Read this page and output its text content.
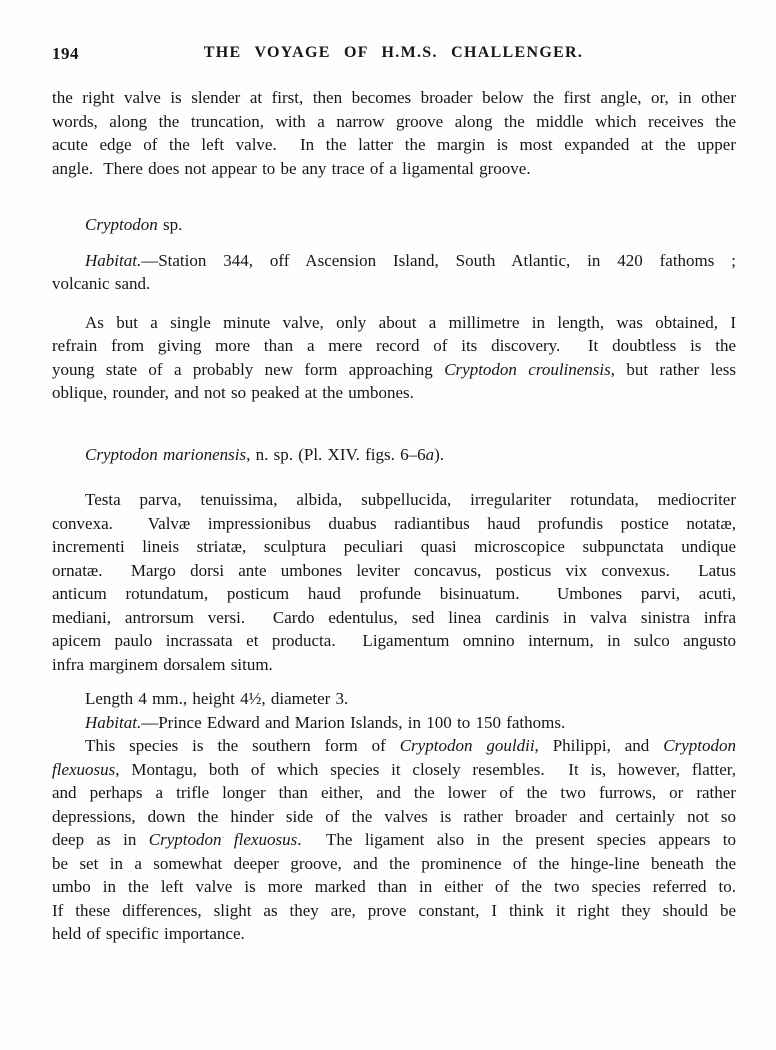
194	THE VOYAGE OF H.M.S. CHALLENGER.
the right valve is slender at first, then becomes broader below the first angle, or, in other
words, along the truncation, with a narrow groove along the middle which receives the
acute edge of the left valve.  In the latter the margin is most expanded at the upper
angle.  There does not appear to be any trace of a ligamental groove.
Cryptodon sp.
Habitat.—Station 344, off Ascension Island, South Atlantic, in 420 fathoms ;
volcanic sand.
As but a single minute valve, only about a millimetre in length, was obtained, I
refrain from giving more than a mere record of its discovery.  It doubtless is the
young state of a probably new form approaching Cryptodon croulinensis, but rather less
oblique, rounder, and not so peaked at the umbones.
Cryptodon marionensis, n. sp. (Pl. XIV. figs. 6–6a).
Testa parva, tenuissima, albida, subpellucida, irregulariter rotundata, mediocriter
convexa.  Valvæ impressionibus duabus radiantibus haud profundis postice notatæ,
incrementi lineis striatæ, sculptura peculiari quasi microscopice subpunctata undique
ornatæ.  Margo dorsi ante umbones leviter concavus, posticus vix convexus.  Latus
anticum rotundatum, posticum haud profunde bisinuatum.  Umbones parvi, acuti,
mediani, antrorsum versi.  Cardo edentulus, sed linea cardinis in valva sinistra infra
apicem paulo incrassata et producta.  Ligamentum omnino internum, in sulco angusto
infra marginem dorsalem situm.
Length 4 mm., height 4½, diameter 3.
Habitat.—Prince Edward and Marion Islands, in 100 to 150 fathoms.
This species is the southern form of Cryptodon gouldii, Philippi, and Cryptodon
flexuosus, Montagu, both of which species it closely resembles.  It is, however, flatter,
and perhaps a trifle longer than either, and the lower of the two furrows, or rather
depressions, down the hinder side of the valves is rather broader and certainly not so
deep as in Cryptodon flexuosus.  The ligament also in the present species appears to
be set in a somewhat deeper groove, and the prominence of the hinge-line beneath the
umbo in the left valve is more marked than in either of the two species referred to.
If these differences, slight as they are, prove constant, I think it right they should be
held of specific importance.
